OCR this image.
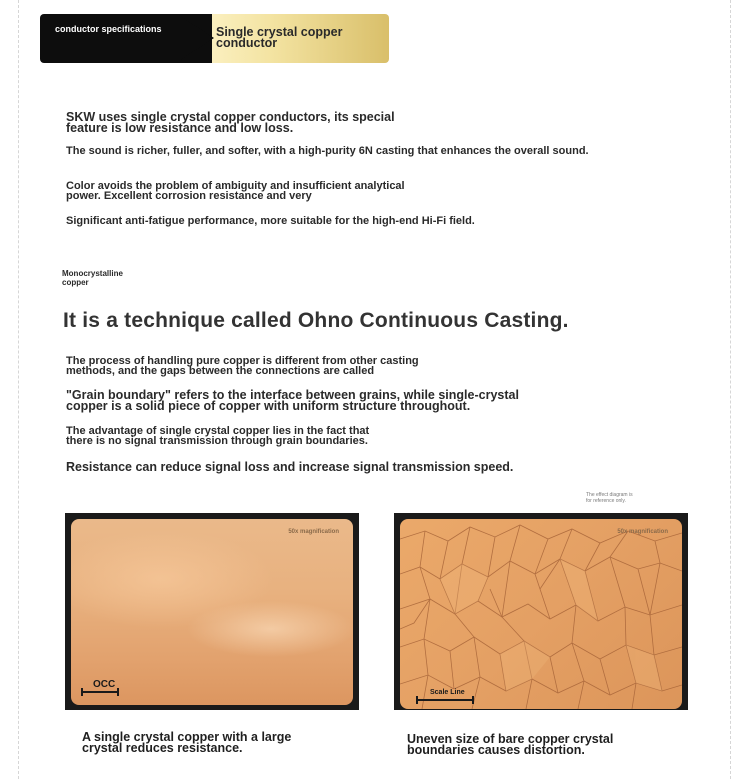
conductor specifications	Single crystal copper
conductor

SKW uses single crystal copper conductors, its special
feature is low resistance and low loss.

The sound is richer, fuller, and softer, with a high-purity 6N casting that enhances the overall sound.

Color avoids the problem of ambiguity and insufficient analytical
power. Excellent corrosion resistance and very

Significant anti-fatigue performance, more suitable for the high-end Hi-Fi field.

Monocrystalline
copper
It is a technique called Ohno Continuous Casting.

The process of handling pure copper is different from other casting
methods, and the gaps between the connections are called

"Grain boundary" refers to the interface between grains, while single-crystal
copper is a solid piece of copper with uniform structure throughout.

The advantage of single crystal copper lies in the fact that
there is no signal transmission through grain boundaries.

Resistance can reduce signal loss and increase signal transmission speed.

The effect diagram is
for reference only.
50x magnification
OCC
50x magnification
Scale Line
A single crystal copper with a large
crystal reduces resistance.
Uneven size of bare copper crystal
boundaries causes distortion.
